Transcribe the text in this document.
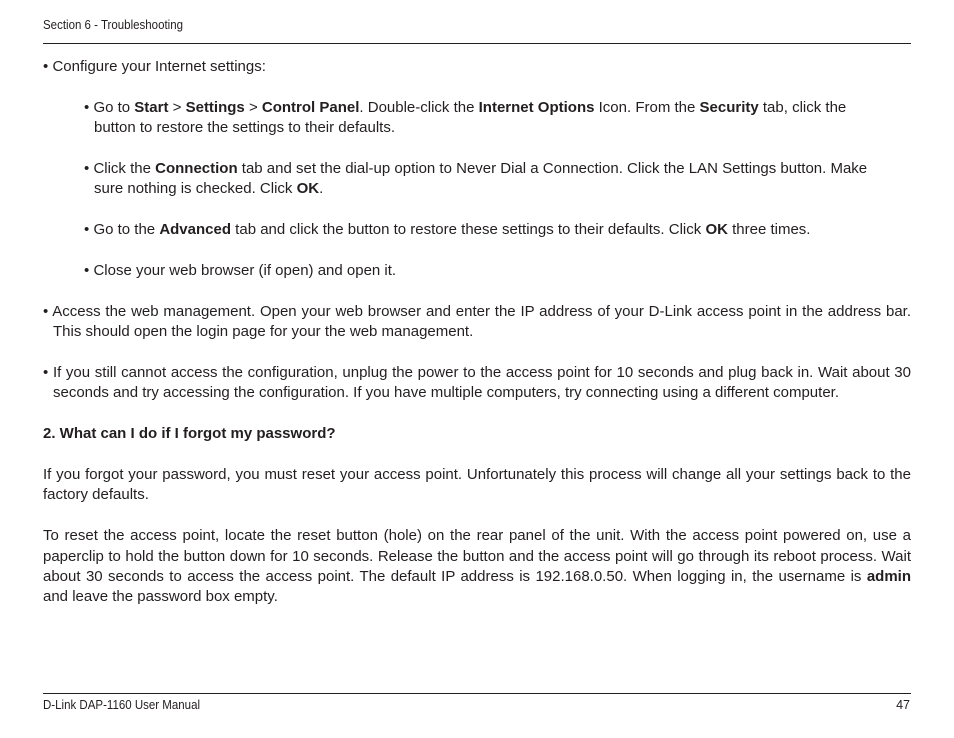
Section 6 - Troubleshooting

• Configure your Internet settings:

• Go to Start > Settings > Control Panel. Double-click the Internet Options Icon. From the Security tab, click the button to restore the settings to their defaults.

• Click the Connection tab and set the dial-up option to Never Dial a Connection. Click the LAN Settings button. Make sure nothing is checked. Click OK.

• Go to the Advanced tab and click the button to restore these settings to their defaults. Click OK three times.

• Close your web browser (if open) and open it.

• Access the web management. Open your web browser and enter the IP address of your D-Link access point in the address bar. This should open the login page for your the web management.

• If you still cannot access the configuration, unplug the power to the access point for 10 seconds and plug back in. Wait about 30 seconds and try accessing the configuration. If you have multiple computers, try connecting using a different computer.

2. What can I do if I forgot my password?

If you forgot your password, you must reset your access point. Unfortunately this process will change all your settings back to the factory defaults.

To reset the access point, locate the reset button (hole) on the rear panel of the unit. With the access point powered on, use a paperclip to hold the button down for 10 seconds. Release the button and the access point will go through its reboot process. Wait about 30 seconds to access the access point. The default IP address is 192.168.0.50. When logging in, the username is admin and leave the password box empty.

D-Link DAP-1160 User Manual	47
